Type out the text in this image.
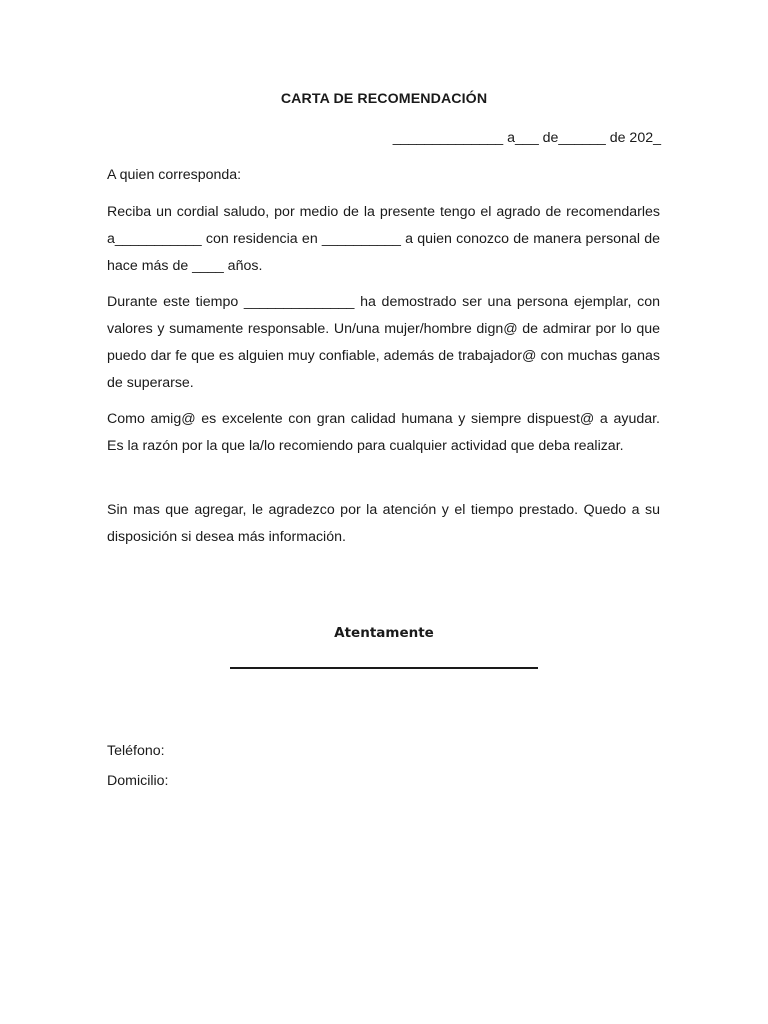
CARTA DE RECOMENDACIÓN
______________ a___ de______ de 202_

A quien corresponda:

Reciba un cordial saludo, por medio de la presente tengo el agrado de recomendarles a___________ con residencia en __________ a quien conozco de manera personal de hace más de ____ años.

Durante este tiempo ______________ ha demostrado ser una persona ejemplar, con valores y sumamente responsable. Un/una mujer/hombre dign@ de admirar por lo que puedo dar fe que es alguien muy confiable, además de trabajador@ con muchas ganas de superarse.

Como amig@ es excelente con gran calidad humana y siempre dispuest@ a ayudar. Es la razón por la que la/lo recomiendo para cualquier actividad que deba realizar.

Sin mas que agregar, le agradezco por la atención y el tiempo prestado. Quedo a su disposición si desea más información.

Atentamente
Teléfono:
Domicilio:
